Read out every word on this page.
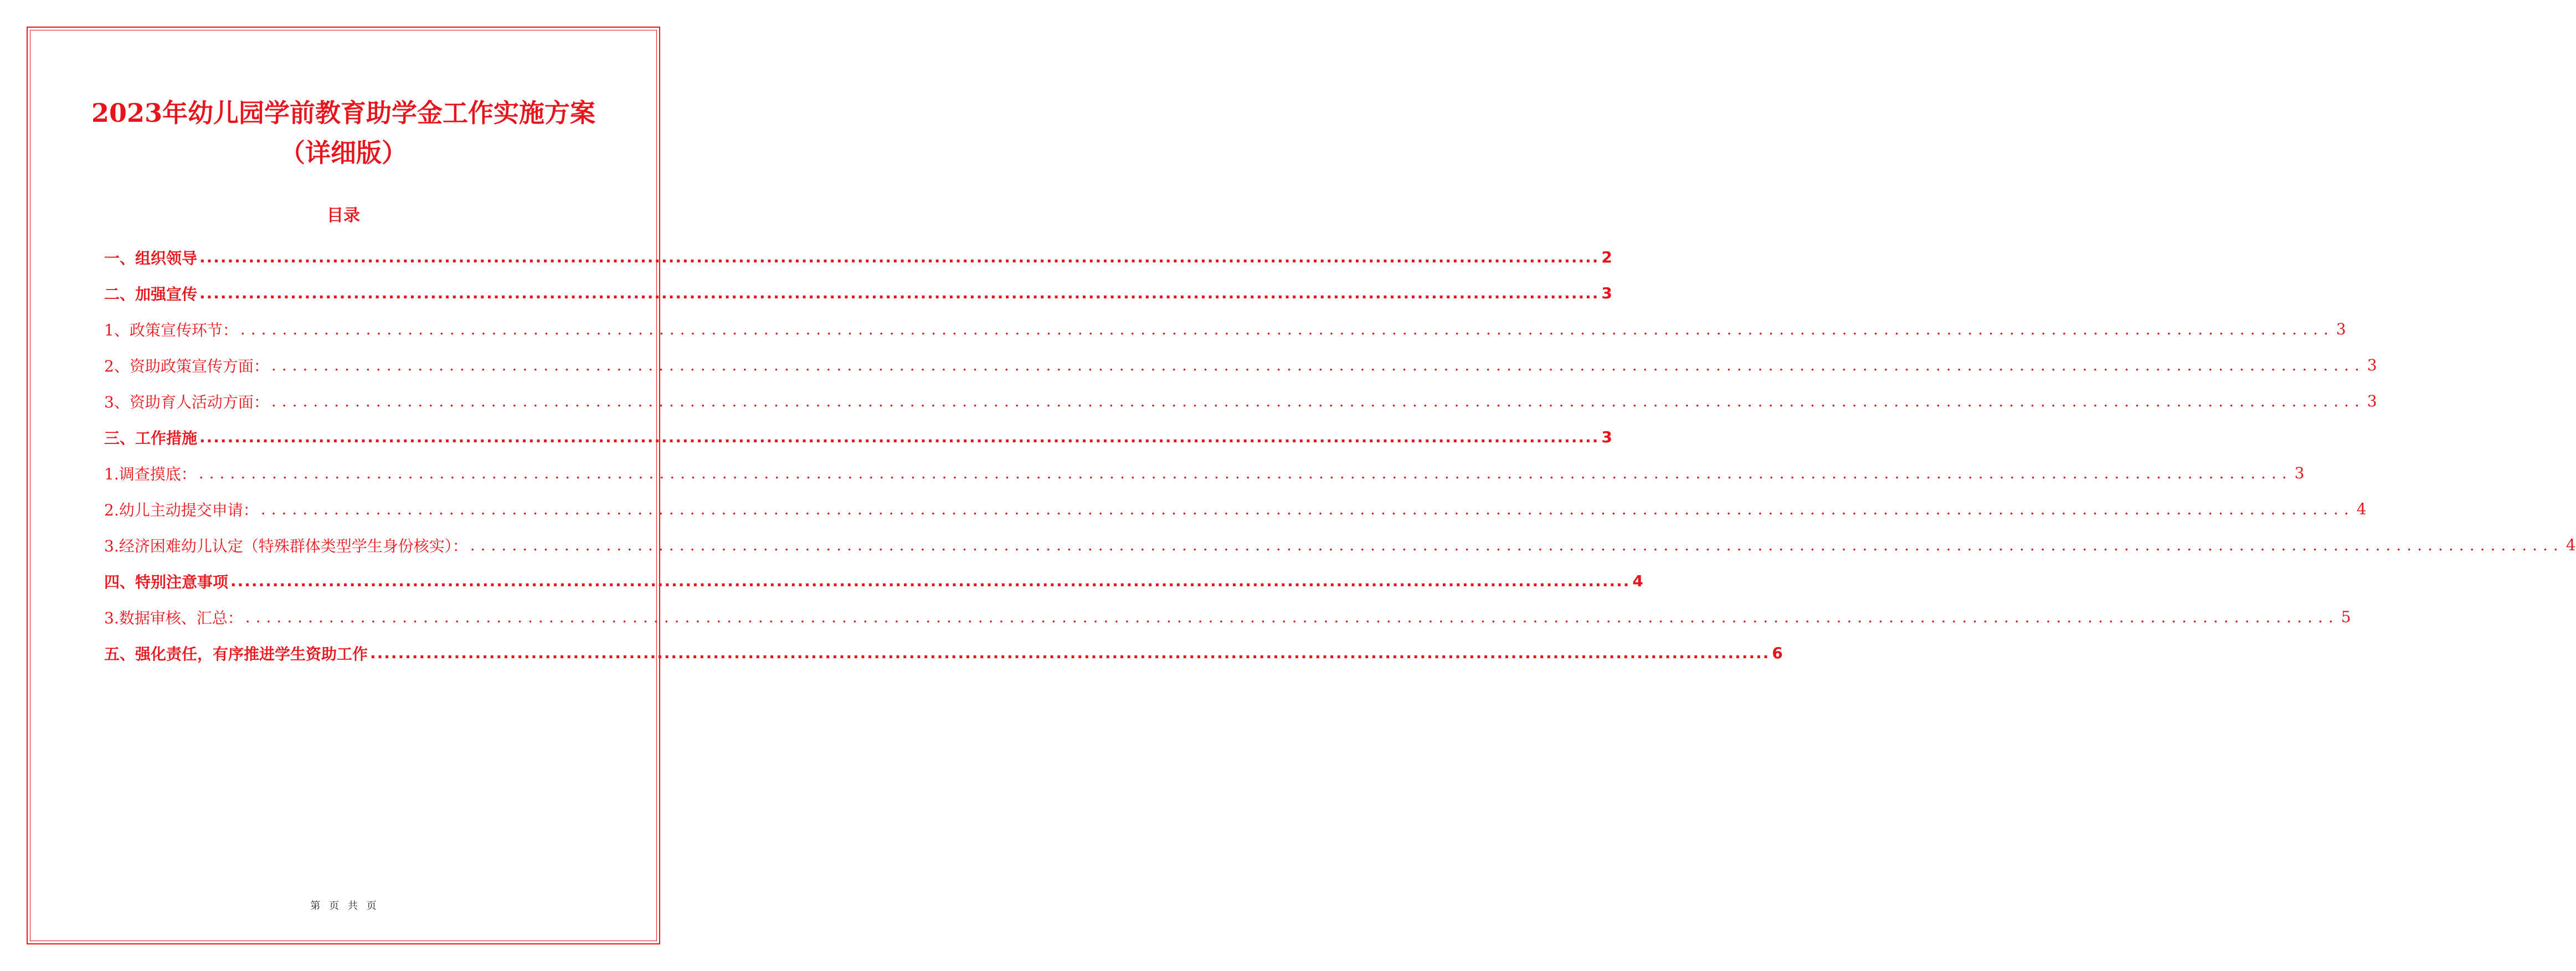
2023年幼儿园学前教育助学金工作实施方案（详细版）
目录
一、组织领导 ........................................................................................................................................................................................................ 2
二、加强宣传 ........................................................................................................................................................................................................ 3
1、政策宣传环节： ........................................................................................................................................................................................................ 3
2、资助政策宣传方面： ........................................................................................................................................................................................................ 3
3、资助育人活动方面： ........................................................................................................................................................................................................ 3
三、工作措施 ........................................................................................................................................................................................................ 3
1.调查摸底： ........................................................................................................................................................................................................ 3
2.幼儿主动提交申请： ........................................................................................................................................................................................................ 4
3.经济困难幼儿认定（特殊群体类型学生身份核实）： ........................................................................................................................................................................................................ 4
四、特别注意事项 ........................................................................................................................................................................................................ 4
3.数据审核、汇总： ........................................................................................................................................................................................................ 5
五、强化责任，有序推进学生资助工作 ........................................................................................................................................................................................................ 6
第 页 共 页
